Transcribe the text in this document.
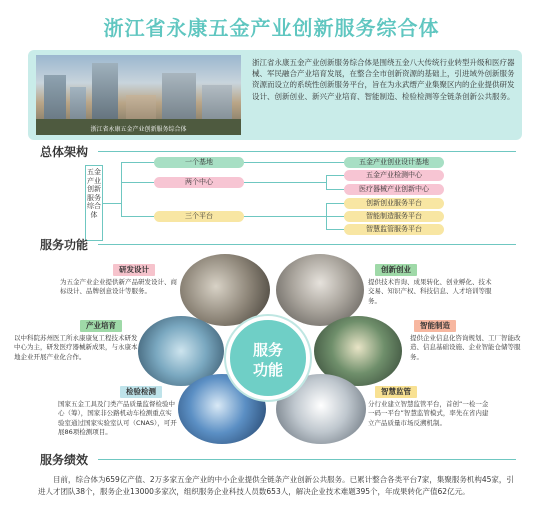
浙江省永康五金产业创新服务综合体
浙江省永康五金产业创新服务综合体
浙江省永康五金产业创新服务综合体是围绕五金八大传统行业转型升级和医疗器械、军民融合产业培育发展，在整合全市创新资源的基础上，引进域外创新服务资源而设立的系统性创新服务平台，旨在为永武缙产业集聚区内的企业提供研发设计、创新创业、新兴产业培育、智能制造、检验检测等全链条创新公共服务。
总体架构
五金产业创新服务综合体
一个基地
两个中心
三个平台
五金产业创业设计基地
五金产业检测中心
医疗器械产业创新中心
创新创业服务平台
智能制造服务平台
智慧监管服务平台
服务功能
服务
功能
研发设计	创新创业
产业培育	智能制造
检验检测	智慧监管
为五金产业企业提供新产品研发设计、商标设计、品牌创意设计等服务。
提供技术咨询、成果转化、创业孵化、技术交易、知识产权、科技信息、人才培训等服务。
以中科院苏州医工所永康康复工程技术研发中心为主，研发医疗器械新成果，与永康本地企业开展产业化合作。
提供企业信息化咨询规划、工厂智能改造、信息基础设施、企业智能仓储等服务。
国家五金工具及门类产品质量监督检验中心（筹），国家非公路机动车检测重点实验室通过国家实验室认可（CNAS），可开展86项检测项目。
分行业建立智慧监管平台，首创“一检一金一码一平台”智慧监管模式，率先在省内建立产品质量市场反溯机制。
服务绩效
目前，综合体为659亿产值、2万多家五金产业的中小企业提供全链条产业创新公共服务。已累计整合各类平台7家，集聚服务机构45家，引进人才团队38个，服务企业13000多家次，组织服务企业科技人员数653人，解决企业技术难题395个，年成果转化产值62亿元。
